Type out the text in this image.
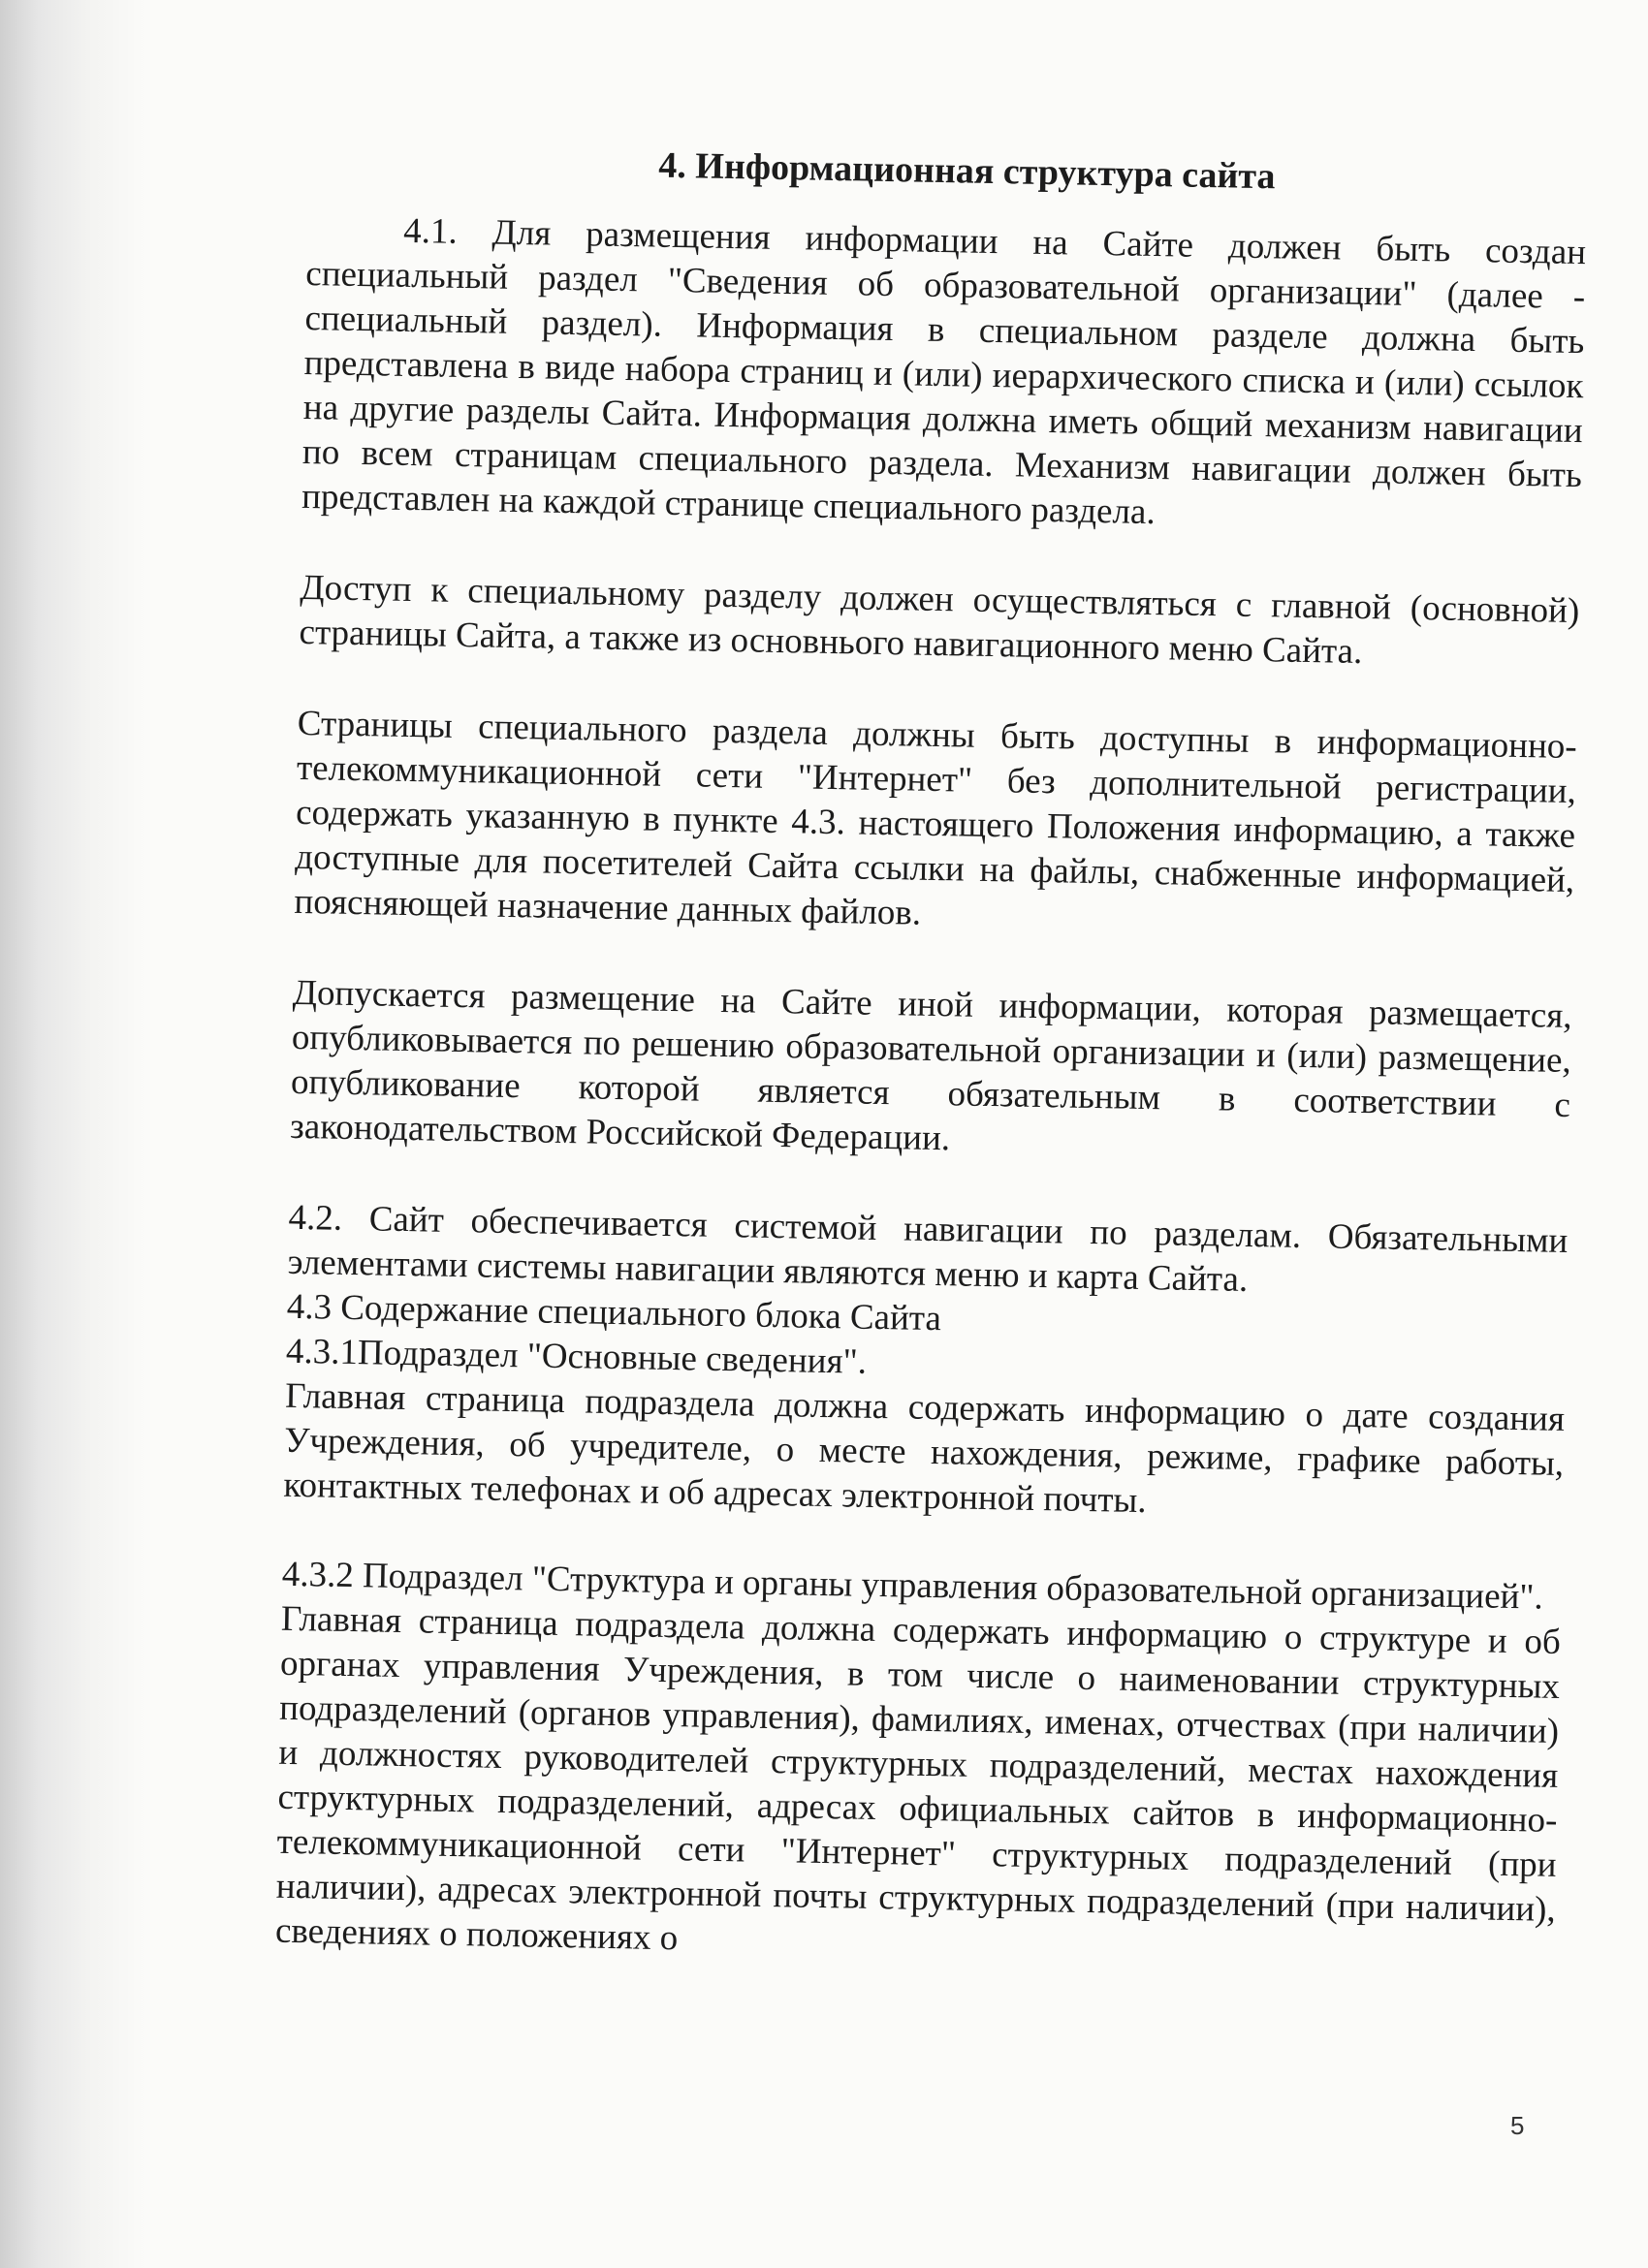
4. Информационная структура сайта

4.1. Для размещения информации на Сайте должен быть создан специальный раздел "Сведения об образовательной организации" (далее - специальный раздел). Информация в специальном разделе должна быть представлена в виде набора страниц и (или) иерархического списка и (или) ссылок на другие разделы Сайта. Информация должна иметь общий механизм навигации по всем страницам специального раздела. Механизм навигации должен быть представлен на каждой странице специального раздела.

Доступ к специальному разделу должен осуществляться с главной (основной) страницы Сайта, а также из основнього навигационного меню Сайта.

Страницы специального раздела должны быть доступны в информационно-телекоммуникационной сети "Интернет" без дополнительной регистрации, содержать указанную в пункте 4.3. настоящего Положения информацию, а также доступные для посетителей Сайта ссылки на файлы, снабженные информацией, поясняющей назначение данных файлов.

Допускается размещение на Сайте иной информации, которая размещается, опубликовывается по решению образовательной организации и (или) размещение, опубликование которой является обязательным в соответствии с законодательством Российской Федерации.

4.2. Сайт обеспечивается системой навигации по разделам. Обязательными элементами системы навигации являются меню и карта Сайта.

4.3 Содержание специального блока Сайта

4.3.1Подраздел "Основные сведения".

Главная страница подраздела должна содержать информацию о дате создания Учреждения, об учредителе, о месте нахождения, режиме, графике работы, контактных телефонах и об адресах электронной почты.

4.3.2 Подраздел "Структура и органы управления образовательной организацией".

Главная страница подраздела должна содержать информацию о структуре и об органах управления Учреждения, в том числе о наименовании структурных подразделений (органов управления), фамилиях, именах, отчествах (при наличии) и должностях руководителей структурных подразделений, местах нахождения структурных подразделений, адресах официальных сайтов в информационно-телекоммуникационной сети "Интернет" структурных подразделений (при наличии), адресах электронной почты структурных подразделений (при наличии), сведениях о положениях о

5
